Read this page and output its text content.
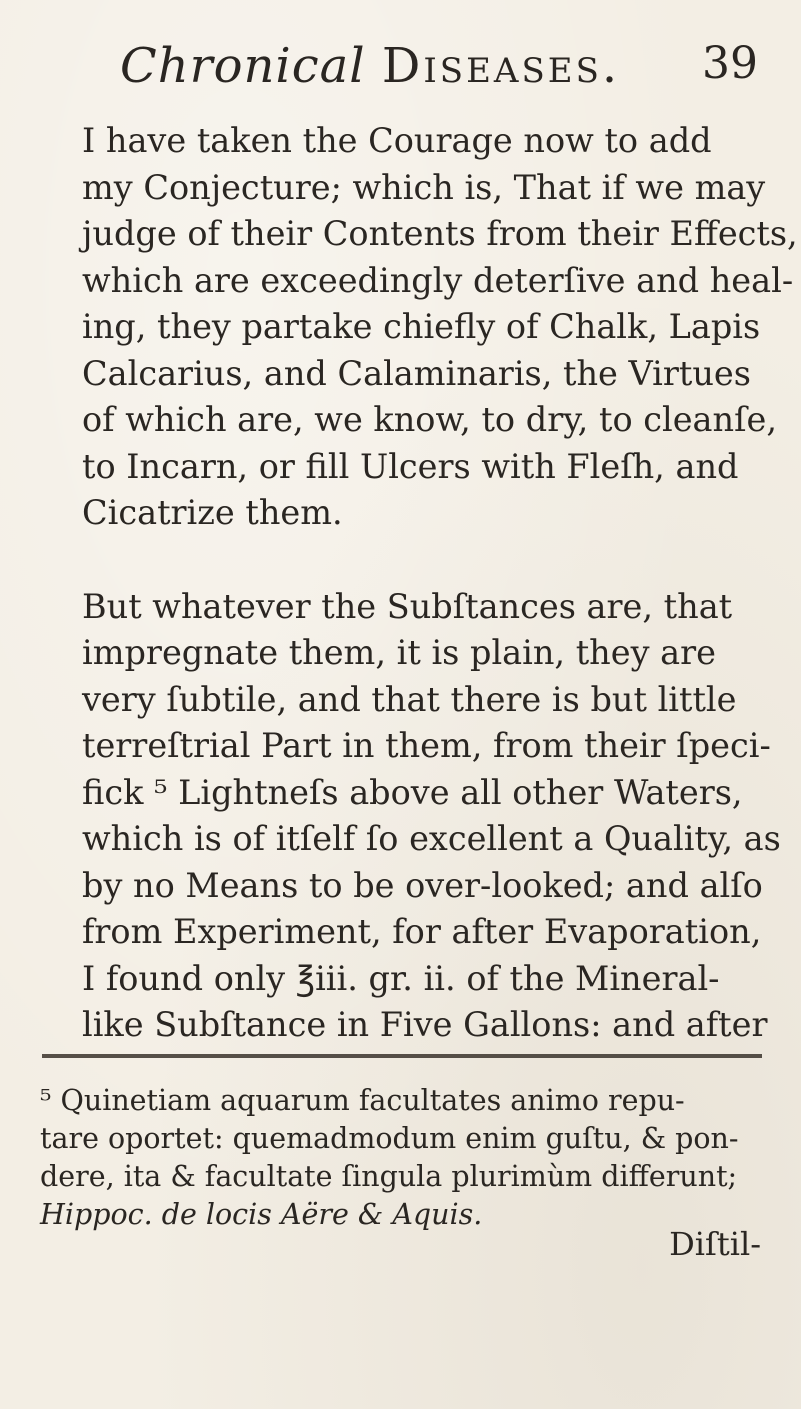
Chronical Diseases. 39

I have taken the Courage now to add
my Conjecture; which is, That if we may
judge of their Contents from their Effects,
which are exceedingly deterſive and heal-
ing, they partake chiefly of Chalk, Lapis
Calcarius, and Calaminaris, the Virtues
of which are, we know, to dry, to cleanſe,
to Incarn, or fill Ulcers with Fleſh, and
Cicatrize them.

But whatever the Subſtances are, that
impregnate them, it is plain, they are
very ſubtile, and that there is but little
terreſtrial Part in them, from their ſpeci-
fick ⁵ Lightneſs above all other Waters,
which is of itſelf ſo excellent a Quality, as
by no Means to be over-looked; and alſo
from Experiment, for after Evaporation,
I found only ℥iii. gr. ii. of the Mineral-
like Subſtance in Five Gallons: and after

⁵ Quinetiam aquarum facultates animo repu-
tare oportet: quemadmodum enim guſtu, & pon-
dere, ita & facultate ſingula plurimùm differunt;
Hippoc. de locis Aëre & Aquis.
Diſtil-
